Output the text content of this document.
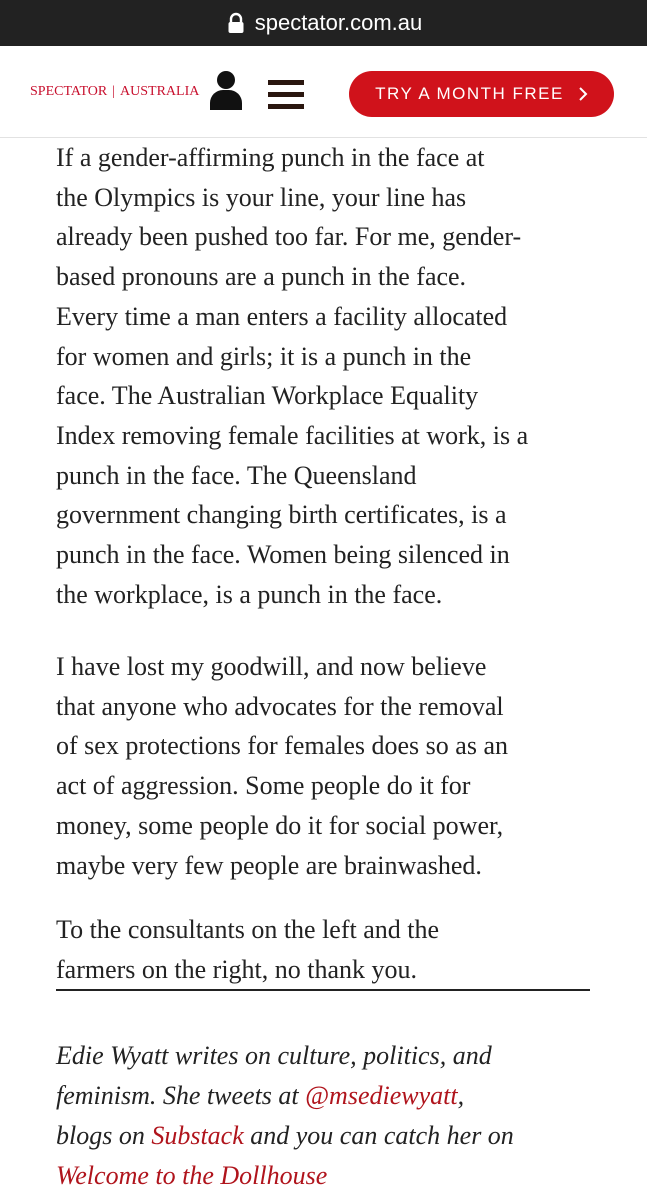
spectator.com.au
SPECTATOR | AUSTRALIA	TRY A MONTH FREE

If a gender-affirming punch in the face at
the Olympics is your line, your line has
already been pushed too far. For me, gender-
based pronouns are a punch in the face.
Every time a man enters a facility allocated
for women and girls; it is a punch in the
face. The Australian Workplace Equality
Index removing female facilities at work, is a
punch in the face. The Queensland
government changing birth certificates, is a
punch in the face. Women being silenced in
the workplace, is a punch in the face.

I have lost my goodwill, and now believe
that anyone who advocates for the removal
of sex protections for females does so as an
act of aggression. Some people do it for
money, some people do it for social power,
maybe very few people are brainwashed.

To the consultants on the left and the
farmers on the right, no thank you.

Edie Wyatt writes on culture, politics, and
feminism. She tweets at @msediewyatt,
blogs on Substack and you can catch her on
Welcome to the Dollhouse
